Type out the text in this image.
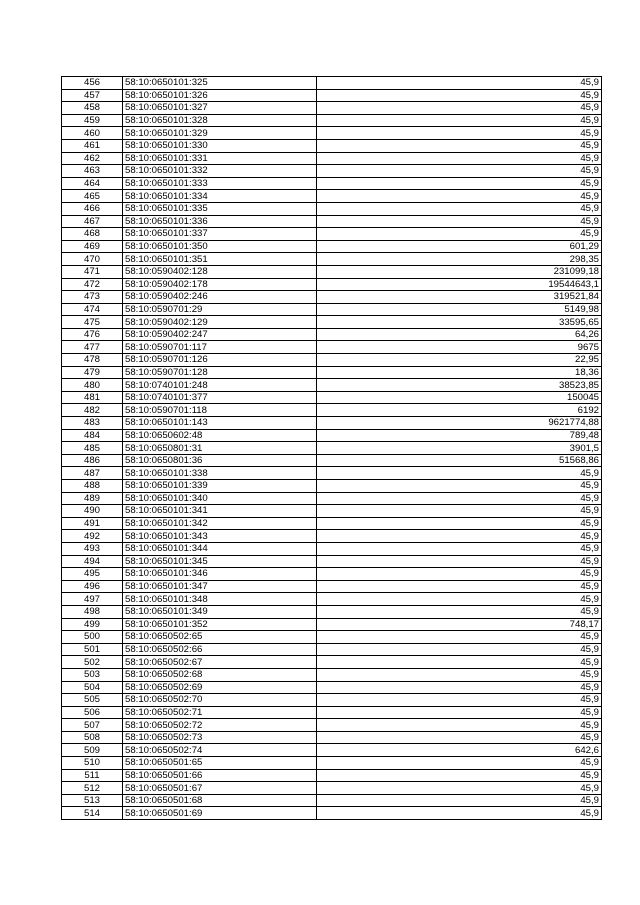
456	58:10:0650101:325	45,9
457	58:10:0650101:326	45,9
458	58:10:0650101:327	45,9
459	58:10:0650101:328	45,9
460	58:10:0650101:329	45,9
461	58:10:0650101:330	45,9
462	58:10:0650101:331	45,9
463	58:10:0650101:332	45,9
464	58:10:0650101:333	45,9
465	58:10:0650101:334	45,9
466	58:10:0650101:335	45,9
467	58:10:0650101:336	45,9
468	58:10:0650101:337	45,9
469	58:10:0650101:350	601,29
470	58:10:0650101:351	298,35
471	58:10:0590402:128	231099,18
472	58:10:0590402:178	19544643,1
473	58:10:0590402:246	319521,84
474	58:10:0590701:29	5149,98
475	58:10:0590402:129	33595,65
476	58:10:0590402:247	64,26
477	58:10:0590701:117	9675
478	58:10:0590701:126	22,95
479	58:10:0590701:128	18,36
480	58:10:0740101:248	38523,85
481	58:10:0740101:377	150045
482	58:10:0590701:118	6192
483	58:10:0650101:143	9621774,88
484	58:10:0650602:48	789,48
485	58:10:0650801:31	3901,5
486	58:10:0650801:36	51568,86
487	58:10:0650101:338	45,9
488	58:10:0650101:339	45,9
489	58:10:0650101:340	45,9
490	58:10:0650101:341	45,9
491	58:10:0650101:342	45,9
492	58:10:0650101:343	45,9
493	58:10:0650101:344	45,9
494	58:10:0650101:345	45,9
495	58:10:0650101:346	45,9
496	58:10:0650101:347	45,9
497	58:10:0650101:348	45,9
498	58:10:0650101:349	45,9
499	58:10:0650101:352	748,17
500	58:10:0650502:65	45,9
501	58:10:0650502:66	45,9
502	58:10:0650502:67	45,9
503	58:10:0650502:68	45,9
504	58:10:0650502:69	45,9
505	58:10:0650502:70	45,9
506	58:10:0650502:71	45,9
507	58:10:0650502:72	45,9
508	58:10:0650502:73	45,9
509	58:10:0650502:74	642,6
510	58:10:0650501:65	45,9
511	58:10:0650501:66	45,9
512	58:10:0650501:67	45,9
513	58:10:0650501:68	45,9
514	58:10:0650501:69	45,9
